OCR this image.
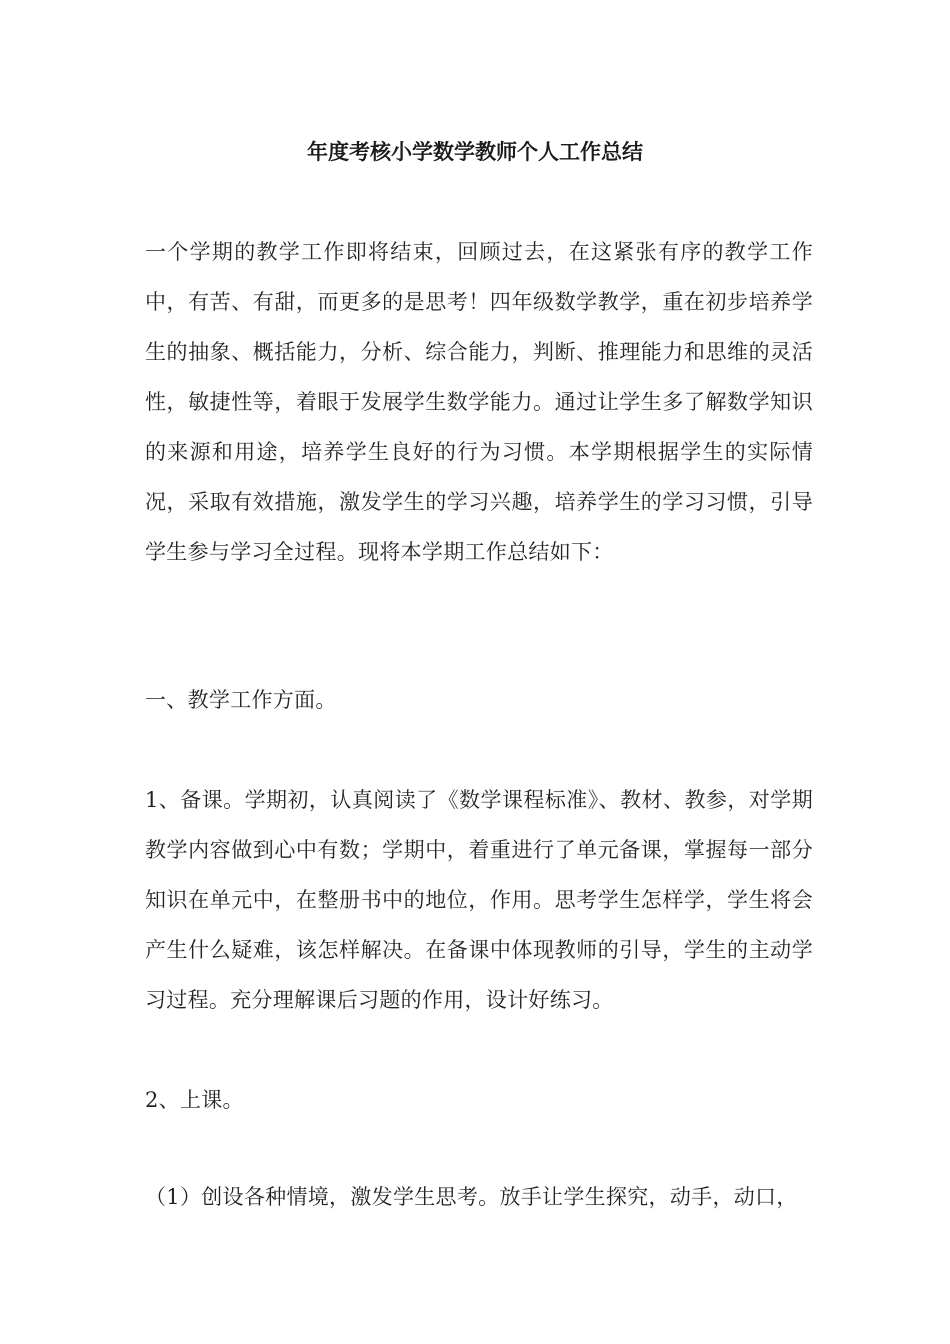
年度考核小学数学教师个人工作总结

一个学期的教学工作即将结束，回顾过去，在这紧张有序的教学工作中，有苦、有甜，而更多的是思考！四年级数学教学，重在初步培养学生的抽象、概括能力，分析、综合能力，判断、推理能力和思维的灵活性，敏捷性等，着眼于发展学生数学能力。通过让学生多了解数学知识的来源和用途，培养学生良好的行为习惯。本学期根据学生的实际情况，采取有效措施，激发学生的学习兴趣，培养学生的学习习惯，引导学生参与学习全过程。现将本学期工作总结如下：

一、教学工作方面。

1、备课。学期初，认真阅读了《数学课程标准》、教材、教参，对学期教学内容做到心中有数；学期中，着重进行了单元备课，掌握每一部分知识在单元中，在整册书中的地位，作用。思考学生怎样学，学生将会产生什么疑难，该怎样解决。在备课中体现教师的引导，学生的主动学习过程。充分理解课后习题的作用，设计好练习。

2、上课。

（1）创设各种情境，激发学生思考。放手让学生探究，动手，动口，
